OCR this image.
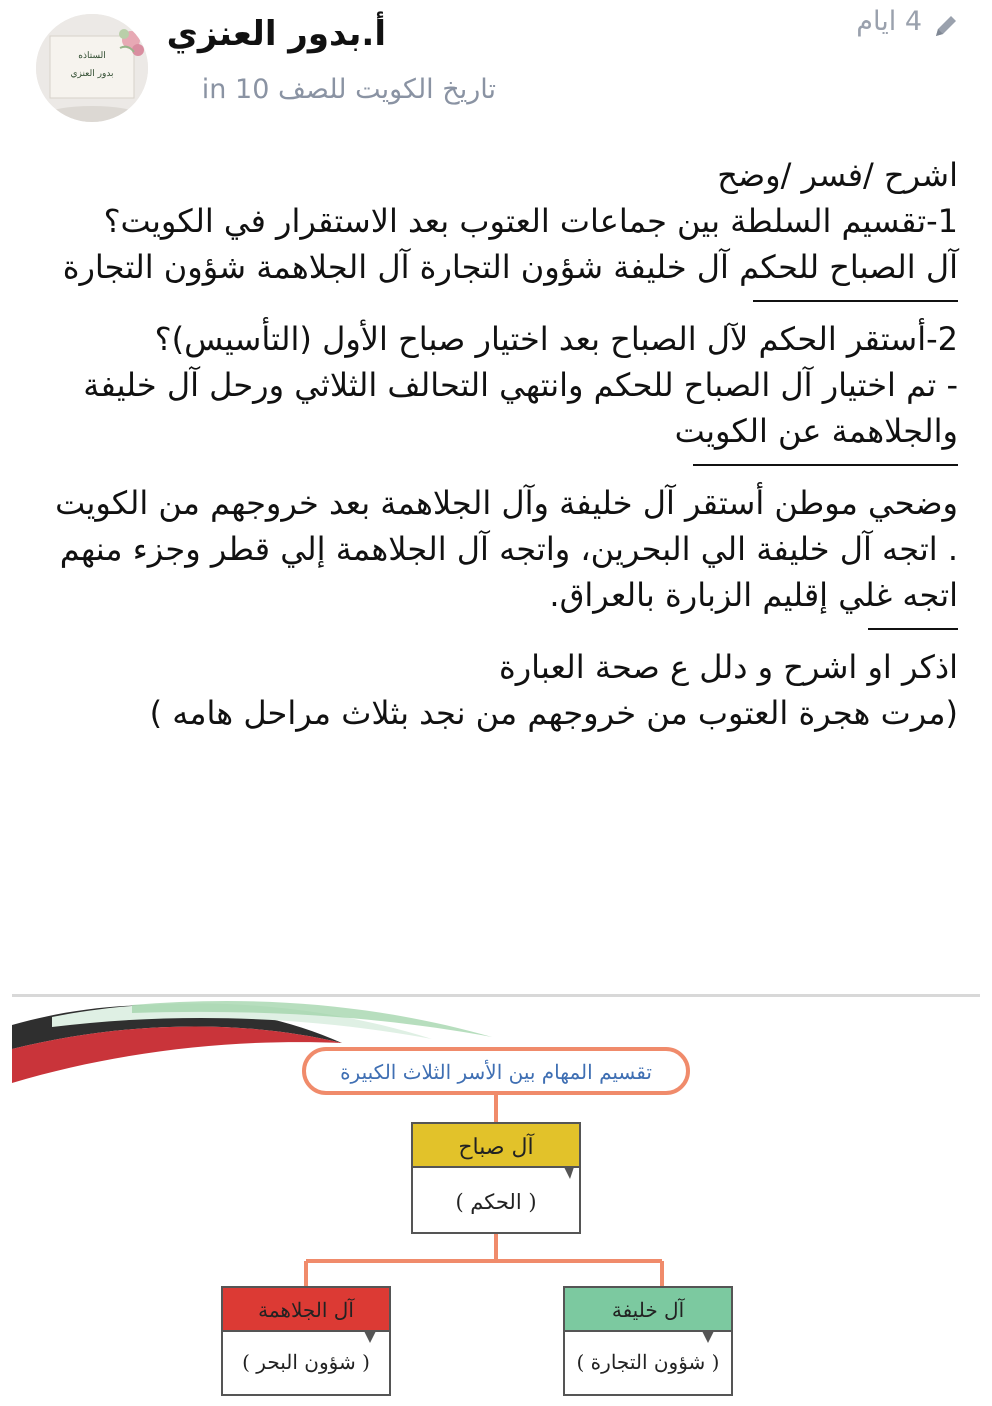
الستاذه
بدور العنزي
أ.بدور العنزي
تاريخ الكويت للصف 10 in
4 ايام

اشرح /فسر /وضح

1-تقسيم السلطة بين جماعات العتوب بعد الاستقرار في الكويت؟

آل الصباح للحكم آل خليفة شؤون التجارة آل الجلاهمة شؤون التجارة

2-أستقر الحكم لآل الصباح بعد اختيار صباح الأول (التأسيس)؟

- تم اختيار آل الصباح للحكم وانتهي التحالف الثلاثي ورحل آل خليفة والجلاهمة عن الكويت

وضحي موطن أستقر آل خليفة وآل الجلاهمة بعد خروجهم من الكويت

. اتجه آل خليفة الي البحرين، واتجه آل الجلاهمة إلي قطر وجزء منهم اتجه غلي إقليم الزبارة بالعراق.

اذكر او اشرح و دلل ع صحة العبارة

(مرت هجرة العتوب من خروجهم من نجد بثلاث مراحل هامه )

تقسيم المهام بين الأسر الثلاث الكبيرة
آل صباح
( الحكم )
آل الجلاهمة
( شؤون البحر )
آل خليفة
( شؤون التجارة )
